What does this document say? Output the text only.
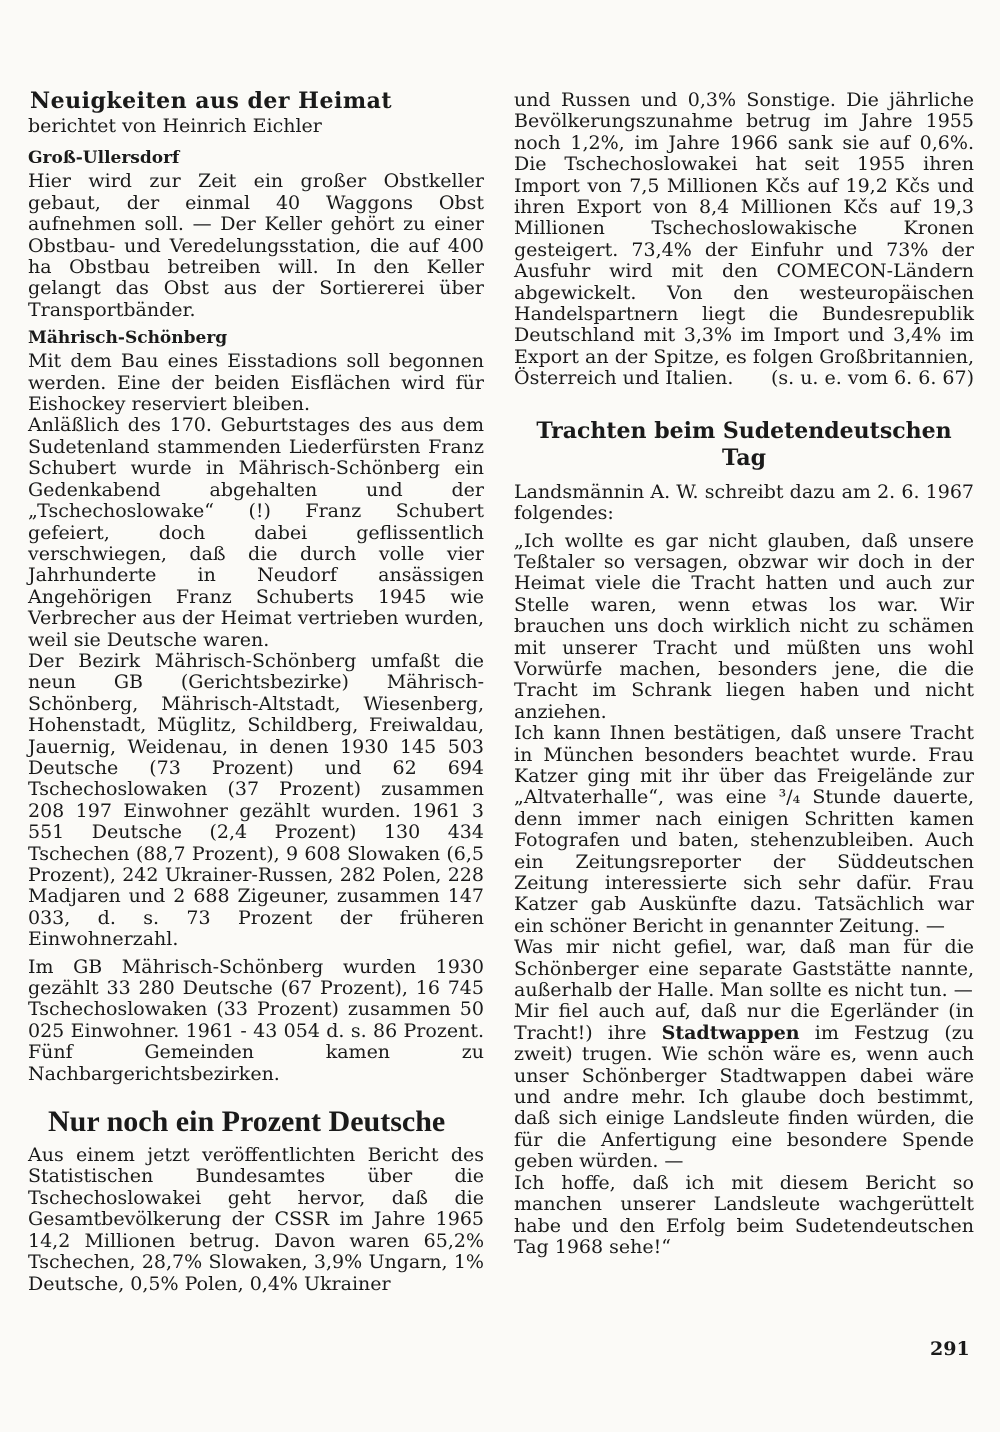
Neuigkeiten aus der Heimat

berichtet von Heinrich Eichler

Groß-Ullersdorf

Hier wird zur Zeit ein großer Obstkeller gebaut, der einmal 40 Waggons Obst aufnehmen soll. — Der Keller gehört zu einer Obstbau- und Veredelungsstation, die auf 400 ha Obstbau betreiben will. In den Keller gelangt das Obst aus der Sortiererei über Transportbänder.

Mährisch-Schönberg

Mit dem Bau eines Eisstadions soll begonnen werden. Eine der beiden Eisflächen wird für Eishockey reserviert bleiben.

Anläßlich des 170. Geburtstages des aus dem Sudetenland stammenden Liederfürsten Franz Schubert wurde in Mährisch-Schönberg ein Gedenkabend abgehalten und der „Tschechoslowake“ (!) Franz Schubert gefeiert, doch dabei geflissentlich verschwiegen, daß die durch volle vier Jahrhunderte in Neudorf ansässigen Angehörigen Franz Schuberts 1945 wie Verbrecher aus der Heimat vertrieben wurden, weil sie Deutsche waren.

Der Bezirk Mährisch-Schönberg umfaßt die neun GB (Gerichtsbezirke) Mährisch-Schönberg, Mährisch-Altstadt, Wiesenberg, Hohenstadt, Müglitz, Schildberg, Freiwaldau, Jauernig, Weidenau, in denen 1930 145 503 Deutsche (73 Prozent) und 62 694 Tschechoslowaken (37 Prozent) zusammen 208 197 Einwohner gezählt wurden. 1961 3 551 Deutsche (2,4 Prozent) 130 434 Tschechen (88,7 Prozent), 9 608 Slowaken (6,5 Prozent), 242 Ukrainer-Russen, 282 Polen, 228 Madjaren und 2 688 Zigeuner, zusammen 147 033, d. s. 73 Prozent der früheren Einwohnerzahl.

Im GB Mährisch-Schönberg wurden 1930 gezählt 33 280 Deutsche (67 Prozent), 16 745 Tschechoslowaken (33 Prozent) zusammen 50 025 Einwohner. 1961 - 43 054 d. s. 86 Prozent. Fünf Gemeinden kamen zu Nachbargerichtsbezirken.

Nur noch ein Prozent Deutsche

Aus einem jetzt veröffentlichten Bericht des Statistischen Bundesamtes über die Tschechoslowakei geht hervor, daß die Gesamtbevölkerung der CSSR im Jahre 1965 14,2 Millionen betrug. Davon waren 65,2% Tschechen, 28,7% Slowaken, 3,9% Ungarn, 1% Deutsche, 0,5% Polen, 0,4% Ukrainer

und Russen und 0,3% Sonstige. Die jährliche Bevölkerungszunahme betrug im Jahre 1955 noch 1,2%, im Jahre 1966 sank sie auf 0,6%. Die Tschechoslowakei hat seit 1955 ihren Import von 7,5 Millionen Kčs auf 19,2 Kčs und ihren Export von 8,4 Millionen Kčs auf 19,3 Millionen Tschechoslowakische Kronen gesteigert. 73,4% der Einfuhr und 73% der Ausfuhr wird mit den COMECON-Ländern abgewickelt. Von den westeuropäischen Handelspartnern liegt die Bundesrepublik Deutschland mit 3,3% im Import und 3,4% im Export an der Spitze, es folgen Großbritannien, Österreich und Italien. (s. u. e. vom 6. 6. 67)

Trachten beim Sudetendeutschen Tag

Landsmännin A. W. schreibt dazu am 2. 6. 1967 folgendes:

„Ich wollte es gar nicht glauben, daß unsere Teßtaler so versagen, obzwar wir doch in der Heimat viele die Tracht hatten und auch zur Stelle waren, wenn etwas los war. Wir brauchen uns doch wirklich nicht zu schämen mit unserer Tracht und müßten uns wohl Vorwürfe machen, besonders jene, die die Tracht im Schrank liegen haben und nicht anziehen.

Ich kann Ihnen bestätigen, daß unsere Tracht in München besonders beachtet wurde. Frau Katzer ging mit ihr über das Freigelände zur „Altvaterhalle“, was eine ³/₄ Stunde dauerte, denn immer nach einigen Schritten kamen Fotografen und baten, stehenzubleiben. Auch ein Zeitungsreporter der Süddeutschen Zeitung interessierte sich sehr dafür. Frau Katzer gab Auskünfte dazu. Tatsächlich war ein schöner Bericht in genannter Zeitung. —

Was mir nicht gefiel, war, daß man für die Schönberger eine separate Gaststätte nannte, außerhalb der Halle. Man sollte es nicht tun. —

Mir fiel auch auf, daß nur die Egerländer (in Tracht!) ihre Stadtwappen im Festzug (zu zweit) trugen. Wie schön wäre es, wenn auch unser Schönberger Stadtwappen dabei wäre und andre mehr. Ich glaube doch bestimmt, daß sich einige Landsleute finden würden, die für die Anfertigung eine besondere Spende geben würden. —

Ich hoffe, daß ich mit diesem Bericht so manchen unserer Landsleute wachgerüttelt habe und den Erfolg beim Sudetendeutschen Tag 1968 sehe!“

291
